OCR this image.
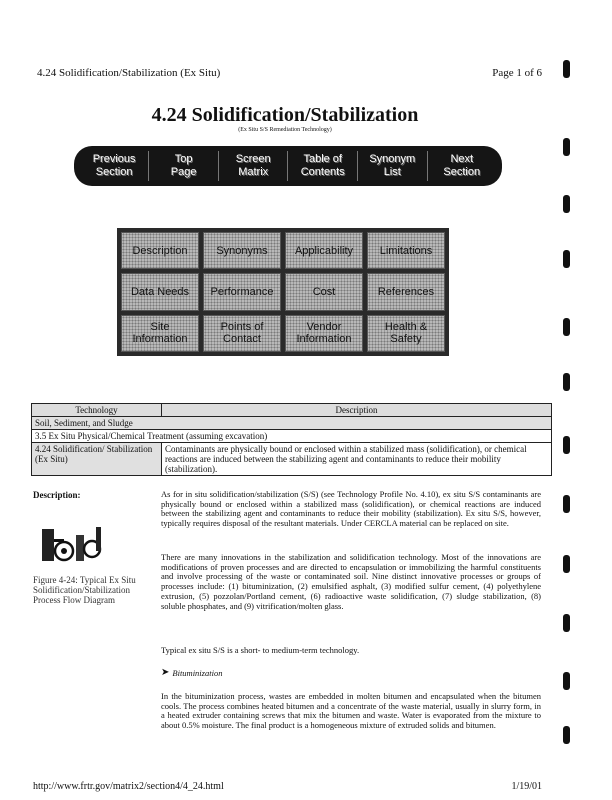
4.24 Solidification/Stabilization (Ex Situ)	Page 1 of 6
4.24 Solidification/Stabilization
(Ex Situ S/S Remediation Technology)
Previous
Section
Top
Page
Screen
Matrix
Table of
Contents
Synonym
List
Next
Section
Description	Synonyms	Applicability	Limitations
Data Needs	Performance	Cost	References
Site
Information
Points of
Contact
Vendor
Information
Health &
Safety
Technology	Description
Soil, Sediment, and Sludge	
3.5 Ex Situ Physical/Chemical Treatment (assuming excavation)	
4.24 Solidification/ Stabilization (Ex Situ)	Contaminants are physically bound or enclosed within a stabilized mass (solidification), or chemical reactions are induced between the stabilizing agent and contaminants to reduce their mobility (stabilization).
Description:
Figure 4-24: Typical Ex Situ Solidification/Stabilization Process Flow Diagram
As for in situ solidification/stabilization (S/S) (see Technology Profile No. 4.10), ex situ S/S contaminants are physically bound or enclosed within a stabilized mass (solidification), or chemical reactions are induced between the stabilizing agent and contaminants to reduce their mobility (stabilization). Ex situ S/S, however, typically requires disposal of the resultant materials. Under CERCLA material can be replaced on site.
There are many innovations in the stabilization and solidification technology. Most of the innovations are modifications of proven processes and are directed to encapsulation or immobilizing the harmful constituents and involve processing of the waste or contaminated soil. Nine distinct innovative processes or groups of processes include: (1) bituminization, (2) emulsified asphalt, (3) modified sulfur cement, (4) polyethylene extrusion, (5) pozzolan/Portland cement, (6) radioactive waste solidification, (7) sludge stabilization, (8) soluble phosphates, and (9) vitrification/molten glass.
Typical ex situ S/S is a short- to medium-term technology.
➤ Bituminization
In the bituminization process, wastes are embedded in molten bitumen and encapsulated when the bitumen cools. The process combines heated bitumen and a concentrate of the waste material, usually in slurry form, in a heated extruder containing screws that mix the bitumen and waste. Water is evaporated from the mixture to about 0.5% moisture. The final product is a homogeneous mixture of extruded solids and bitumen.
http://www.frtr.gov/matrix2/section4/4_24.html	1/19/01
